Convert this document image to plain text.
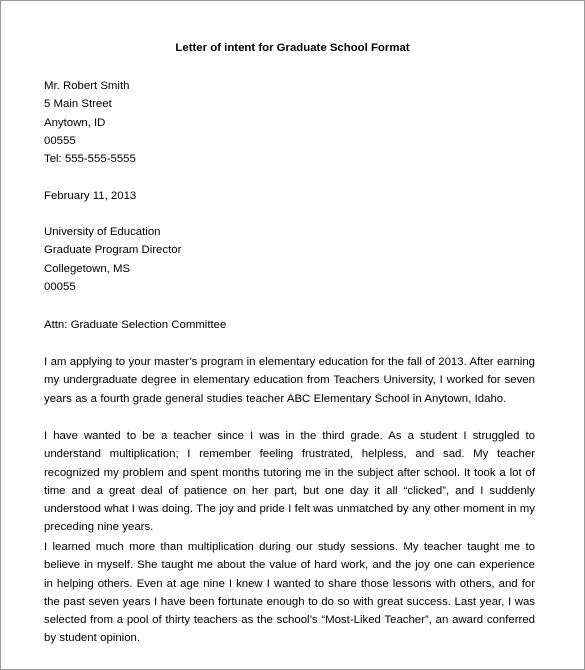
Letter of intent for Graduate School Format
Mr. Robert Smith
5 Main Street
Anytown, ID
00555
Tel: 555-555-5555
February 11, 2013
University of Education
Graduate Program Director
Collegetown, MS
00055
Attn: Graduate Selection Committee
I am applying to your master’s program in elementary education for the fall of 2013. After earning my undergraduate degree in elementary education from Teachers University, I worked for seven years as a fourth grade general studies teacher ABC Elementary School in Anytown, Idaho.
I have wanted to be a teacher since I was in the third grade. As a student I struggled to understand multiplication; I remember feeling frustrated, helpless, and sad. My teacher recognized my problem and spent months tutoring me in the subject after school. It took a lot of time and a great deal of patience on her part, but one day it all “clicked”, and I suddenly understood what I was doing. The joy and pride I felt was unmatched by any other moment in my preceding nine years.
I learned much more than multiplication during our study sessions. My teacher taught me to believe in myself. She taught me about the value of hard work, and the joy one can experience in helping others. Even at age nine I knew I wanted to share those lessons with others, and for the past seven years I have been fortunate enough to do so with great success. Last year, I was selected from a pool of thirty teachers as the school’s “Most-Liked Teacher”, an award conferred by student opinion.
